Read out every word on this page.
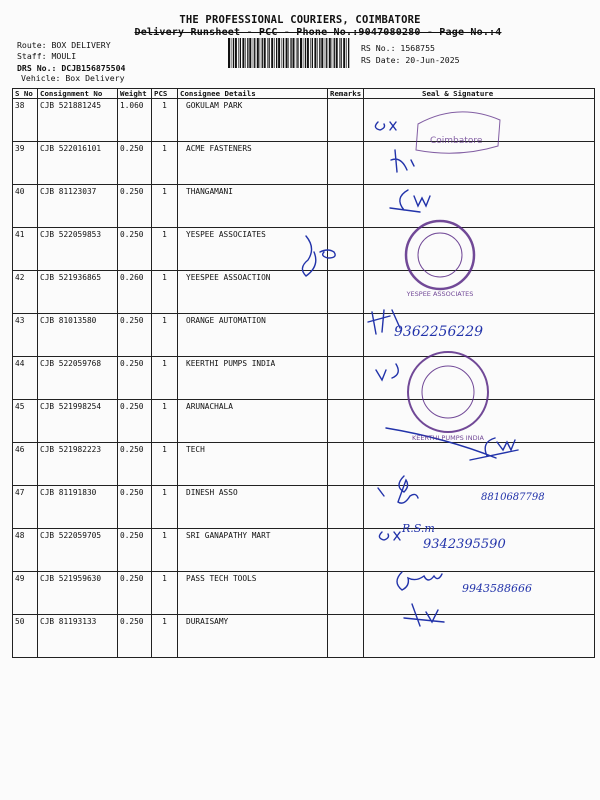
THE PROFESSIONAL COURIERS, COIMBATORE
Delivery Runsheet - PCC - Phone No.:9047080280 - Page No.:4
Route: BOX DELIVERY
Staff: MOULI
DRS No.: DCJB156875504
Vehicle: Box Delivery
RS No.: 1568755
RS Date: 20-Jun-2025
S No	Consignment No	Weight	PCS	Consignee Details	Remarks	Seal & Signature
38	CJB 521881245	1.060	1	GOKULAM PARK		
39	CJB 522016101	0.250	1	ACME FASTENERS		
40	CJB 81123037	0.250	1	THANGAMANI		
41	CJB 522059853	0.250	1	YESPEE ASSOCIATES		
42	CJB 521936865	0.260	1	YEESPEE ASSOACTION		
43	CJB 81013580	0.250	1	ORANGE AUTOMATION		
44	CJB 522059768	0.250	1	KEERTHI PUMPS INDIA		
45	CJB 521998254	0.250	1	ARUNACHALA		
46	CJB 521982223	0.250	1	TECH		
47	CJB 81191830	0.250	1	DINESH ASSO		
48	CJB 522059705	0.250	1	SRI GANAPATHY MART		
49	CJB 521959630	0.250	1	PASS TECH TOOLS		
50	CJB 81193133	0.250	1	DURAISAMY		
Coimbatore
YESPEE ASSOCIATES
KEERTHI PUMPS INDIA
9362256229
8810687798
R.S.m
9342395590
9943588666
